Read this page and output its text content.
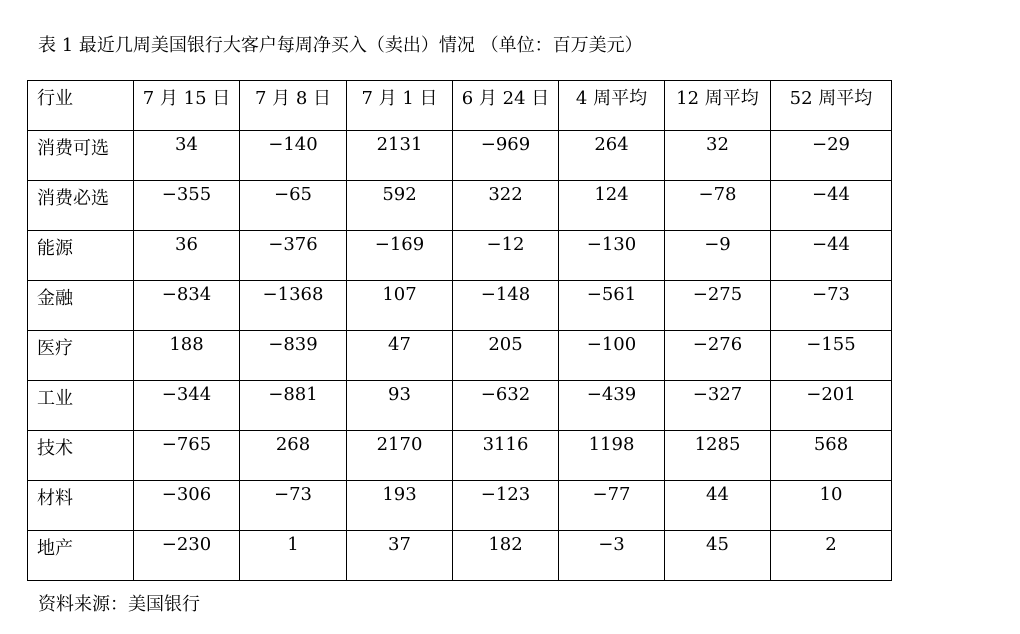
表 1 最近几周美国银行大客户每周净买入（卖出）情况 （单位：百万美元）
行业	7 月 15 日	7 月 8 日	7 月 1 日	6 月 24 日	4 周平均	12 周平均	52 周平均

消费可选	34	−140	2131	−969	264	32	−29

消费必选	−355	−65	592	322	124	−78	−44

能源	36	−376	−169	−12	−130	−9	−44

金融	−834	−1368	107	−148	−561	−275	−73

医疗	188	−839	47	205	−100	−276	−155

工业	−344	−881	93	−632	−439	−327	−201

技术	−765	268	2170	3116	1198	1285	568

材料	−306	−73	193	−123	−77	44	10

地产	−230	1	37	182	−3	45	2
资料来源：美国银行
